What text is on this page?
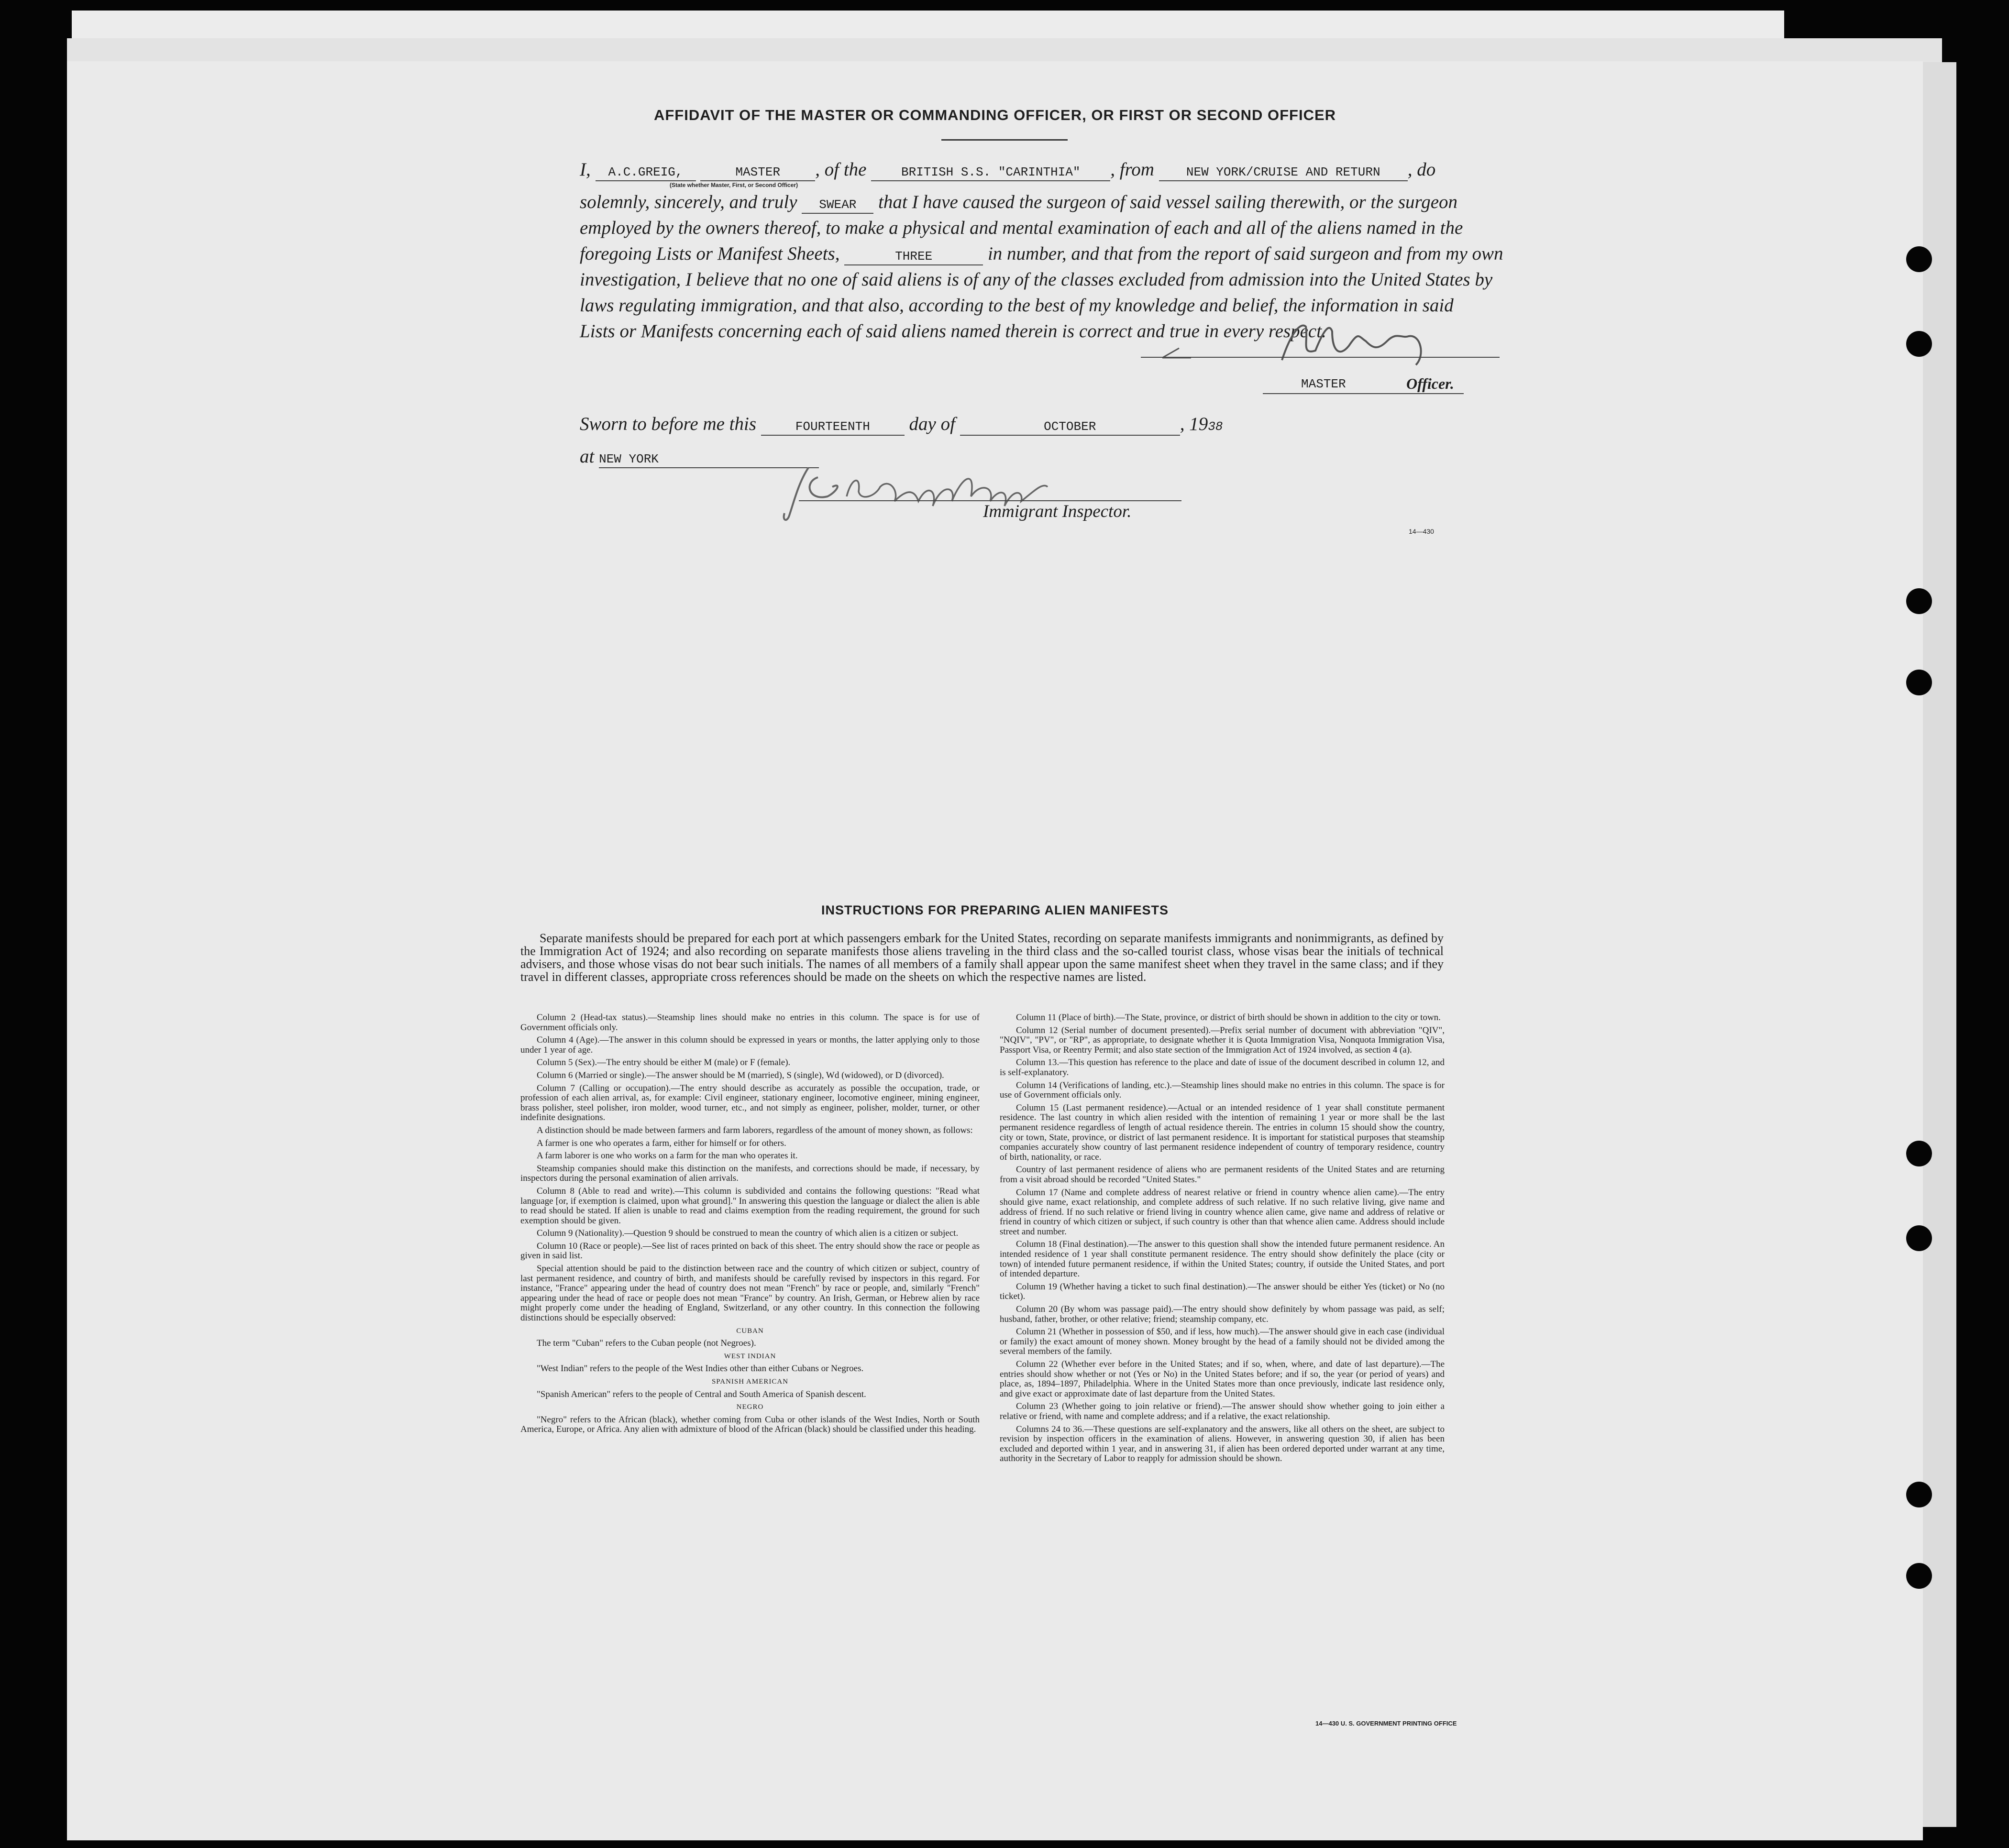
AFFIDAVIT OF THE MASTER OR COMMANDING OFFICER, OR FIRST OR SECOND OFFICER
I, A.C.GREIG,	MASTER , of the	BRITISH S.S. "CARINTHIA" , from	NEW YORK/CRUISE AND RETURN , do
(State whether Master, First, or Second Officer)
solemnly, sincerely, and truly SWEAR that I have caused the surgeon of said vessel sailing therewith, or the surgeon
employed by the owners thereof, to make a physical and mental examination of each and all of the aliens named in the
foregoing Lists or Manifest Sheets,	THREE	in number, and that from the report of said surgeon and from my own
investigation, I believe that no one of said aliens is of any of the classes excluded from admission into the United States by
laws regulating immigration, and that also, according to the best of my knowledge and belief, the information in said
Lists or Manifests concerning each of said aliens named therein is correct and true in every respect.
MASTER	Officer.
Sworn to before me this	FOURTEENTH day of	OCTOBER	, 1938
at NEW YORK
Immigrant Inspector.
14—430
INSTRUCTIONS FOR PREPARING ALIEN MANIFESTS
Separate manifests should be prepared for each port at which passengers embark for the United States, recording on separate manifests immigrants and nonimmigrants, as defined by the Immigration Act of 1924; and also recording on separate manifests those aliens traveling in the third class and the so-called tourist class, whose visas bear the initials of technical advisers, and those whose visas do not bear such initials. The names of all members of a family shall appear upon the same manifest sheet when they travel in the same class; and if they travel in different classes, appropriate cross references should be made on the sheets on which the respective names are listed.

Column 2 (Head-tax status).—Steamship lines should make no entries in this column. The space is for use of Government officials only.

Column 4 (Age).—The answer in this column should be expressed in years or months, the latter applying only to those under 1 year of age.

Column 5 (Sex).—The entry should be either M (male) or F (female).

Column 6 (Married or single).—The answer should be M (married), S (single), Wd (widowed), or D (divorced).

Column 7 (Calling or occupation).—The entry should describe as accurately as possible the occupation, trade, or profession of each alien arrival, as, for example: Civil engineer, stationary engineer, locomotive engineer, mining engineer, brass polisher, steel polisher, iron molder, wood turner, etc., and not simply as engineer, polisher, molder, turner, or other indefinite designations.

A distinction should be made between farmers and farm laborers, regardless of the amount of money shown, as follows:

A farmer is one who operates a farm, either for himself or for others.

A farm laborer is one who works on a farm for the man who operates it.

Steamship companies should make this distinction on the manifests, and corrections should be made, if necessary, by inspectors during the personal examination of alien arrivals.

Column 8 (Able to read and write).—This column is subdivided and contains the following questions: "Read what language [or, if exemption is claimed, upon what ground]." In answering this question the language or dialect the alien is able to read should be stated. If alien is unable to read and claims exemption from the reading requirement, the ground for such exemption should be given.

Column 9 (Nationality).—Question 9 should be construed to mean the country of which alien is a citizen or subject.

Column 10 (Race or people).—See list of races printed on back of this sheet. The entry should show the race or people as given in said list.

Special attention should be paid to the distinction between race and the country of which citizen or subject, country of last permanent residence, and country of birth, and manifests should be carefully revised by inspectors in this regard. For instance, "France" appearing under the head of country does not mean "French" by race or people, and, similarly "French" appearing under the head of race or people does not mean "France" by country. An Irish, German, or Hebrew alien by race might properly come under the heading of England, Switzerland, or any other country. In this connection the following distinctions should be especially observed:

CUBAN

The term "Cuban" refers to the Cuban people (not Negroes).

WEST INDIAN

"West Indian" refers to the people of the West Indies other than either Cubans or Negroes.

SPANISH AMERICAN

"Spanish American" refers to the people of Central and South America of Spanish descent.

NEGRO

"Negro" refers to the African (black), whether coming from Cuba or other islands of the West Indies, North or South America, Europe, or Africa. Any alien with admixture of blood of the African (black) should be classified under this heading.

Column 11 (Place of birth).—The State, province, or district of birth should be shown in addition to the city or town.

Column 12 (Serial number of document presented).—Prefix serial number of document with abbreviation "QIV", "NQIV", "PV", or "RP", as appropriate, to designate whether it is Quota Immigration Visa, Nonquota Immigration Visa, Passport Visa, or Reentry Permit; and also state section of the Immigration Act of 1924 involved, as section 4 (a).

Column 13.—This question has reference to the place and date of issue of the document described in column 12, and is self-explanatory.

Column 14 (Verifications of landing, etc.).—Steamship lines should make no entries in this column. The space is for use of Government officials only.

Column 15 (Last permanent residence).—Actual or an intended residence of 1 year shall constitute permanent residence. The last country in which alien resided with the intention of remaining 1 year or more shall be the last permanent residence regardless of length of actual residence therein. The entries in column 15 should show the country, city or town, State, province, or district of last permanent residence. It is important for statistical purposes that steamship companies accurately show country of last permanent residence independent of country of temporary residence, country of birth, nationality, or race.

Country of last permanent residence of aliens who are permanent residents of the United States and are returning from a visit abroad should be recorded "United States."

Column 17 (Name and complete address of nearest relative or friend in country whence alien came).—The entry should give name, exact relationship, and complete address of such relative. If no such relative living, give name and address of friend. If no such relative or friend living in country whence alien came, give name and address of relative or friend in country of which citizen or subject, if such country is other than that whence alien came. Address should include street and number.

Column 18 (Final destination).—The answer to this question shall show the intended future permanent residence. An intended residence of 1 year shall constitute permanent residence. The entry should show definitely the place (city or town) of intended future permanent residence, if within the United States; country, if outside the United States, and port of intended departure.

Column 19 (Whether having a ticket to such final destination).—The answer should be either Yes (ticket) or No (no ticket).

Column 20 (By whom was passage paid).—The entry should show definitely by whom passage was paid, as self; husband, father, brother, or other relative; friend; steamship company, etc.

Column 21 (Whether in possession of $50, and if less, how much).—The answer should give in each case (individual or family) the exact amount of money shown. Money brought by the head of a family should not be divided among the several members of the family.

Column 22 (Whether ever before in the United States; and if so, when, where, and date of last departure).—The entries should show whether or not (Yes or No) in the United States before; and if so, the year (or period of years) and place, as, 1894–1897, Philadelphia. Where in the United States more than once previously, indicate last residence only, and give exact or approximate date of last departure from the United States.

Column 23 (Whether going to join relative or friend).—The answer should show whether going to join either a relative or friend, with name and complete address; and if a relative, the exact relationship.

Columns 24 to 36.—These questions are self-explanatory and the answers, like all others on the sheet, are subject to revision by inspection officers in the examination of aliens. However, in answering question 30, if alien has been excluded and deported within 1 year, and in answering 31, if alien has been ordered deported under warrant at any time, authority in the Secretary of Labor to reapply for admission should be shown.

14—430 U. S. GOVERNMENT PRINTING OFFICE
